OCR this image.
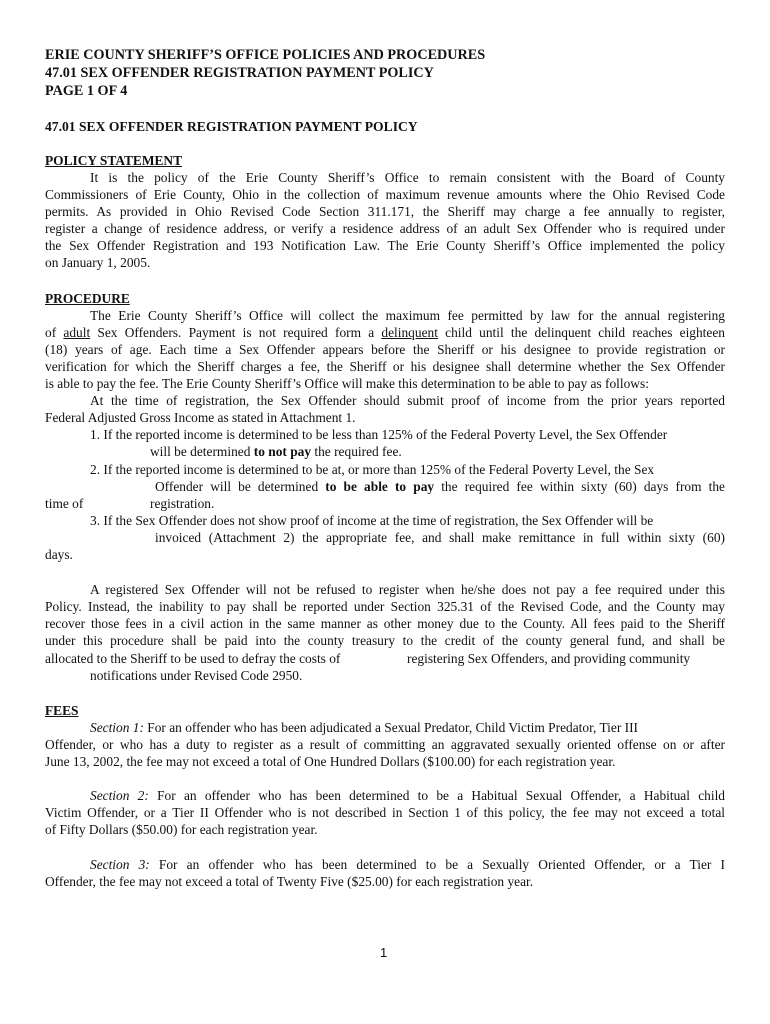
ERIE COUNTY SHERIFF’S OFFICE POLICIES AND PROCEDURES
47.01 SEX OFFENDER REGISTRATION PAYMENT POLICY
PAGE 1 OF 4
47.01 SEX OFFENDER REGISTRATION PAYMENT POLICY
POLICY STATEMENT
It is the policy of the Erie County Sheriff’s Office to remain consistent with the Board of County
Commissioners of Erie County, Ohio in the collection of maximum revenue amounts where the Ohio Revised Code
permits. As provided in Ohio Revised Code Section 311.171, the Sheriff may charge a fee annually to register,
register a change of residence address, or verify a residence address of an adult Sex Offender who is required under
the Sex Offender Registration and 193 Notification Law. The Erie County Sheriff’s Office implemented the policy
on January 1, 2005.
PROCEDURE
The Erie County Sheriff’s Office will collect the maximum fee permitted by law for the annual registering
of adult Sex Offenders. Payment is not required form a delinquent child until the delinquent child reaches eighteen
(18) years of age. Each time a Sex Offender appears before the Sheriff or his designee to provide registration or
verification for which the Sheriff charges a fee, the Sheriff or his designee shall determine whether the Sex Offender
is able to pay the fee. The Erie County Sheriff’s Office will make this determination to be able to pay as follows:
At the time of registration, the Sex Offender should submit proof of income from the prior years reported
Federal Adjusted Gross Income as stated in Attachment 1.
1. If the reported income is determined to be less than 125% of the Federal Poverty Level, the Sex Offender
will be determined to not pay the required fee.
2. If the reported income is determined to be at, or more than 125% of the Federal Poverty Level, the Sex
Offender will be determined to be able to pay the required fee within sixty (60) days from the
time of	registration.
3. If the Sex Offender does not show proof of income at the time of registration, the Sex Offender will be
invoiced (Attachment 2) the appropriate fee, and shall make remittance in full within sixty (60)
days.
A registered Sex Offender will not be refused to register when he/she does not pay a fee required under this
Policy. Instead, the inability to pay shall be reported under Section 325.31 of the Revised Code, and the County may
recover those fees in a civil action in the same manner as other money due to the County. All fees paid to the Sheriff
under this procedure shall be paid into the county treasury to the credit of the county general fund, and shall be
allocated to the Sheriff to be used to defray the costs of	registering Sex Offenders, and providing community
notifications under Revised Code 2950.
FEES
Section 1: For an offender who has been adjudicated a Sexual Predator, Child Victim Predator, Tier III
Offender, or who has a duty to register as a result of committing an aggravated sexually oriented offense on or after
June 13, 2002, the fee may not exceed a total of One Hundred Dollars ($100.00) for each registration year.
Section 2: For an offender who has been determined to be a Habitual Sexual Offender, a Habitual child
Victim Offender, or a Tier II Offender who is not described in Section 1 of this policy, the fee may not exceed a total
of Fifty Dollars ($50.00) for each registration year.
Section 3: For an offender who has been determined to be a Sexually Oriented Offender, or a Tier I
Offender, the fee may not exceed a total of Twenty Five ($25.00) for each registration year.
1
